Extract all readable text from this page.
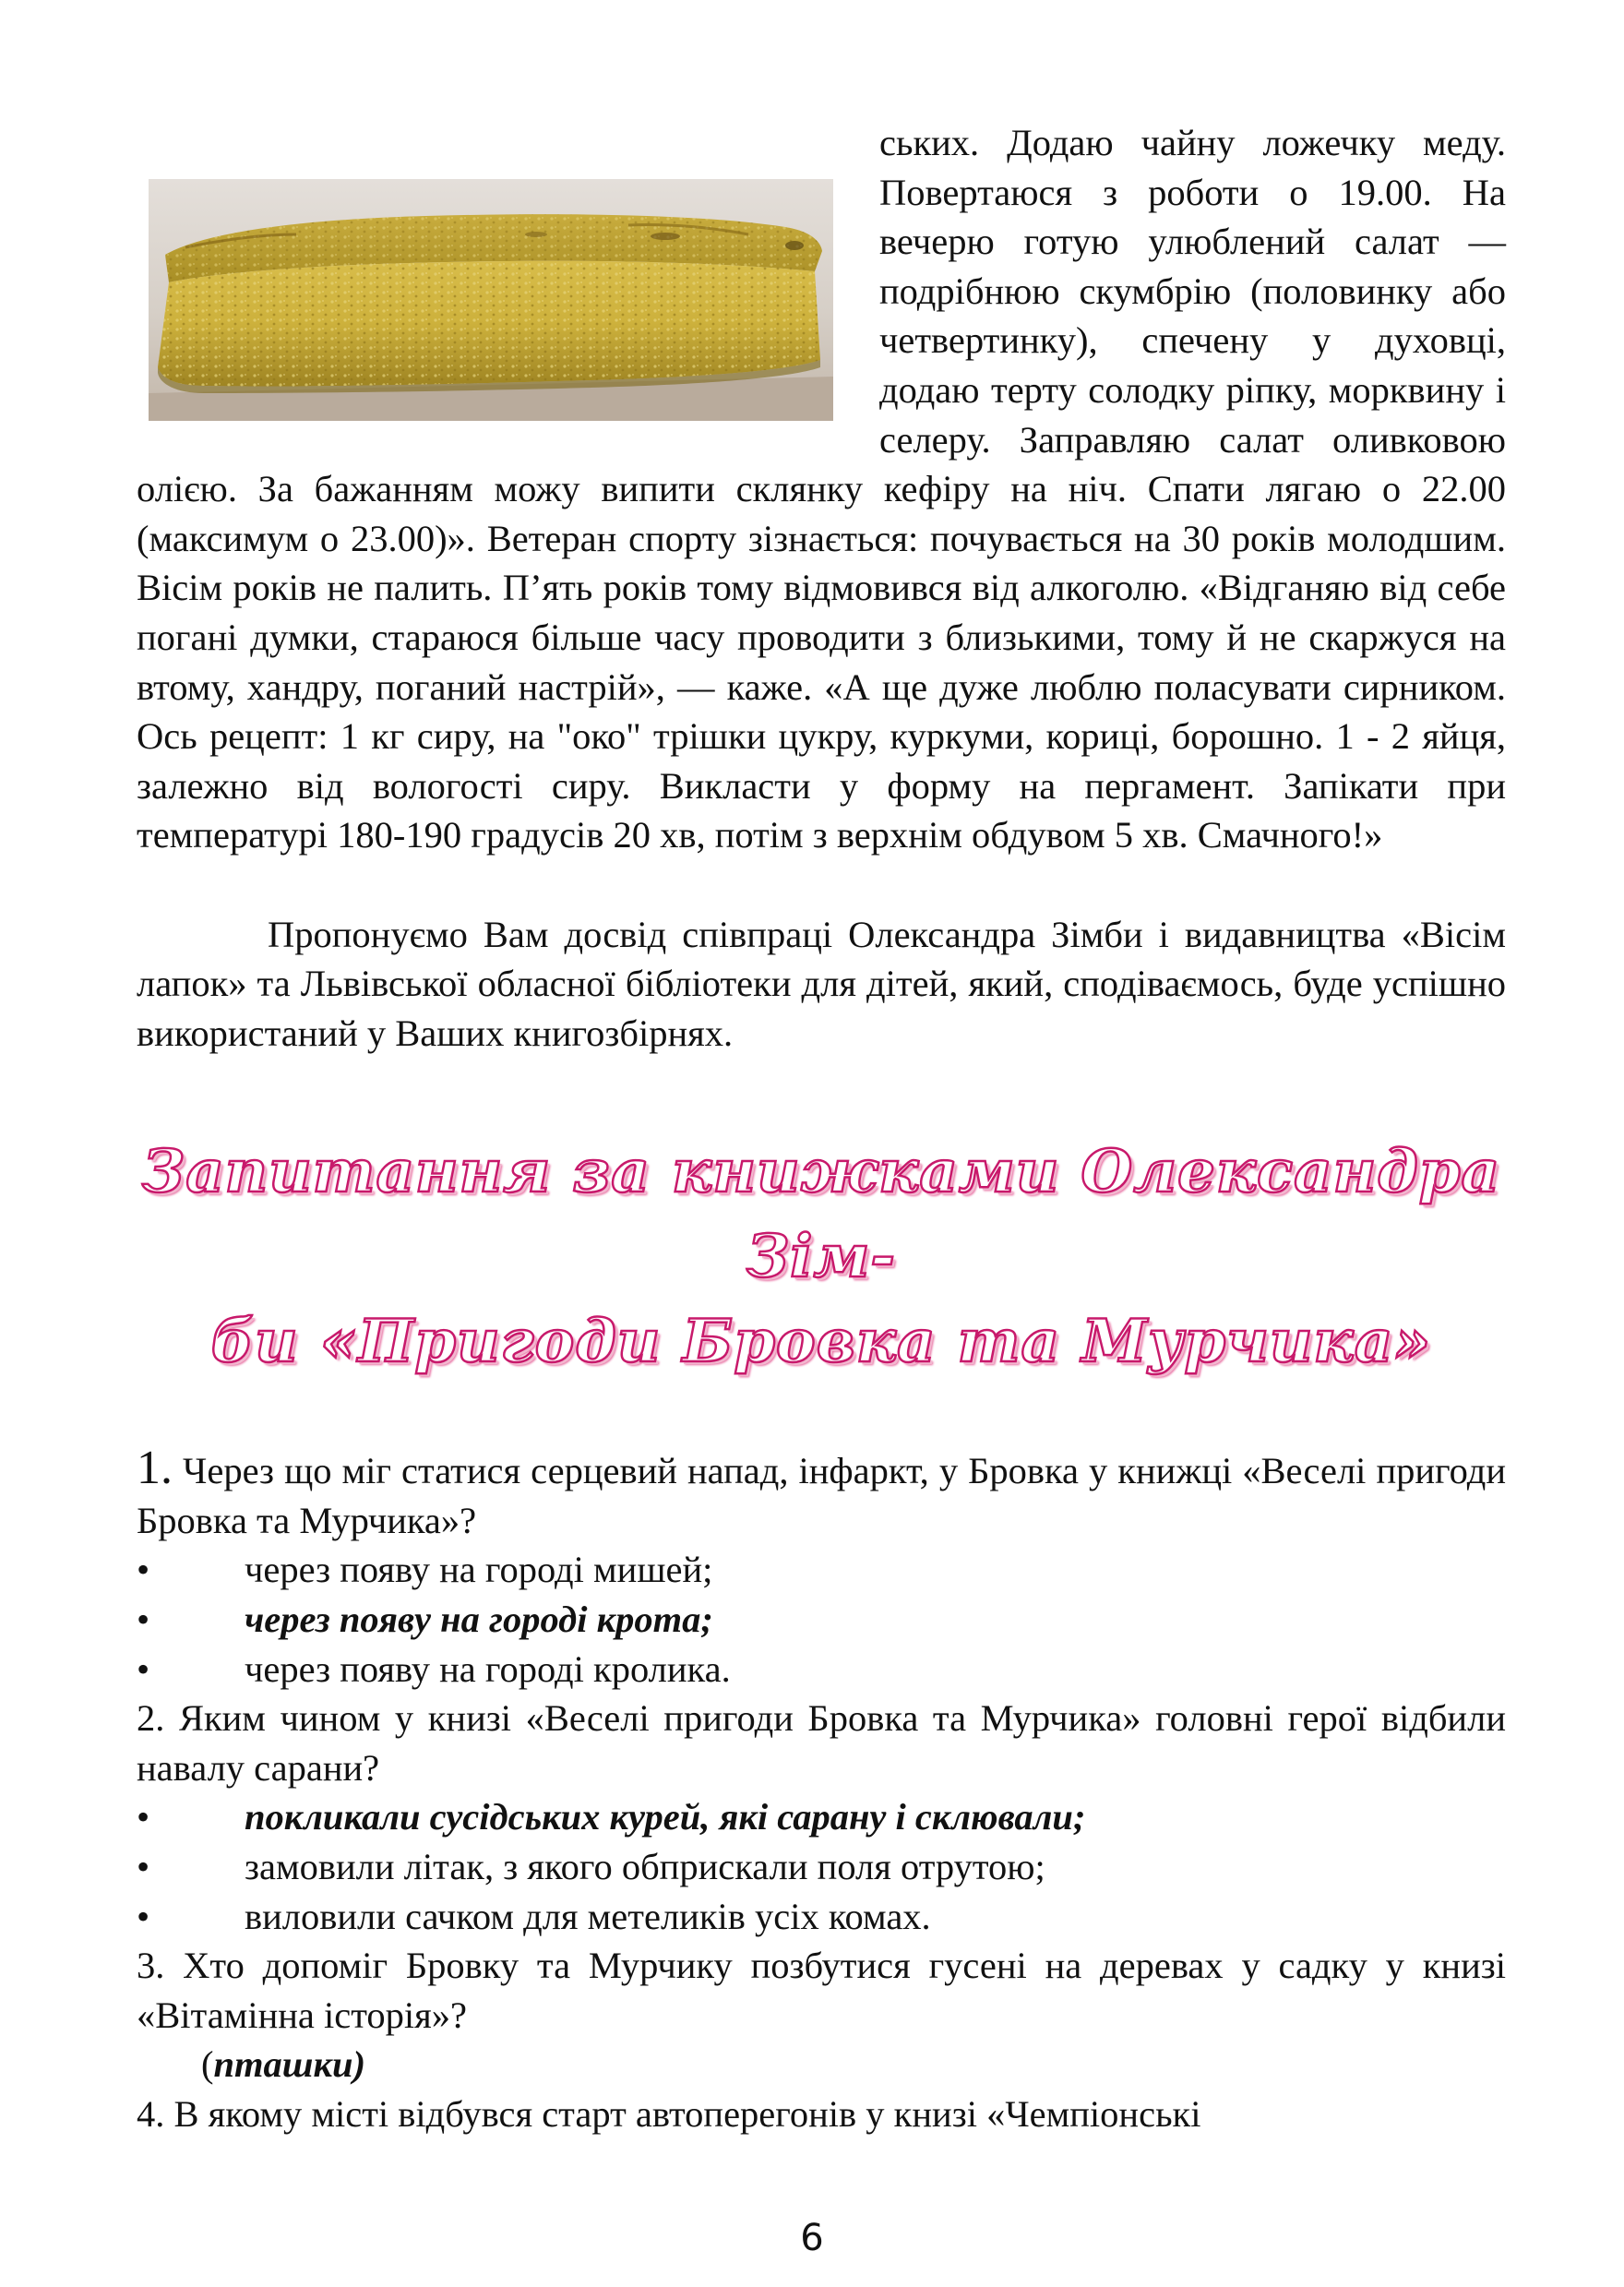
ських. Додаю чайну ложечку меду. Повертаюся з роботи о 19.00. На вечерю готую улюблений салат — подрібнюю скумбрію (половинку або четвертинку), спечену у духовці, додаю терту солодку ріпку, морквину і селеру. Заправляю салат оливковою олією. За бажанням можу випити склянку кефіру на ніч. Спати лягаю о 22.00 (максимум о 23.00)». Ветеран спорту зізнається: почувається на 30 років молодшим. Вісім років не палить. П’ять років тому відмовився від алкоголю. «Відганяю від себе погані думки, стараюся більше часу проводити з близькими, тому й не скаржуся на втому, хандру, поганий настрій», — каже. «А ще дуже люблю поласувати сирником. Ось рецепт: 1 кг сиру, на "око" трішки цукру, куркуми, кориці, борошно. 1 - 2 яйця, залежно від вологості сиру. Викласти у форму на пергамент. Запікати при температурі 180-190 градусів 20 хв, потім з верхнім обдувом 5 хв. Смачного!»

Пропонуємо Вам досвід співпраці Олександра Зімби і видавництва «Вісім лапок» та Львівської обласної бібліотеки для дітей, який, сподіваємось, буде успішно використаний у Ваших книгозбірнях.

Запитання за книжками Олександра Зім-
би «Пригоди Бровка та Мурчика»

1. Через що міг статися серцевий напад, інфаркт, у Бровка у книжці «Веселі пригоди Бровка та Мурчика»?

•	через появу на городі мишей;
•	через появу на городі крота;
•	через появу на городі кролика.

2. Яким чином у книзі «Веселі пригоди Бровка та Мурчика» головні герої відбили навалу сарани?

•	покликали сусідських курей, які сарану і склювали;
•	замовили літак, з якого обприскали поля отрутою;
•	виловили сачком для метеликів усіх комах.

3. Хто допоміг Бровку та Мурчику позбутися гусені на деревах у садку у книзі «Вітамінна історія»?

(пташки)

4. В якому місті відбувся старт автоперегонів у книзі «Чемпіонські

6
